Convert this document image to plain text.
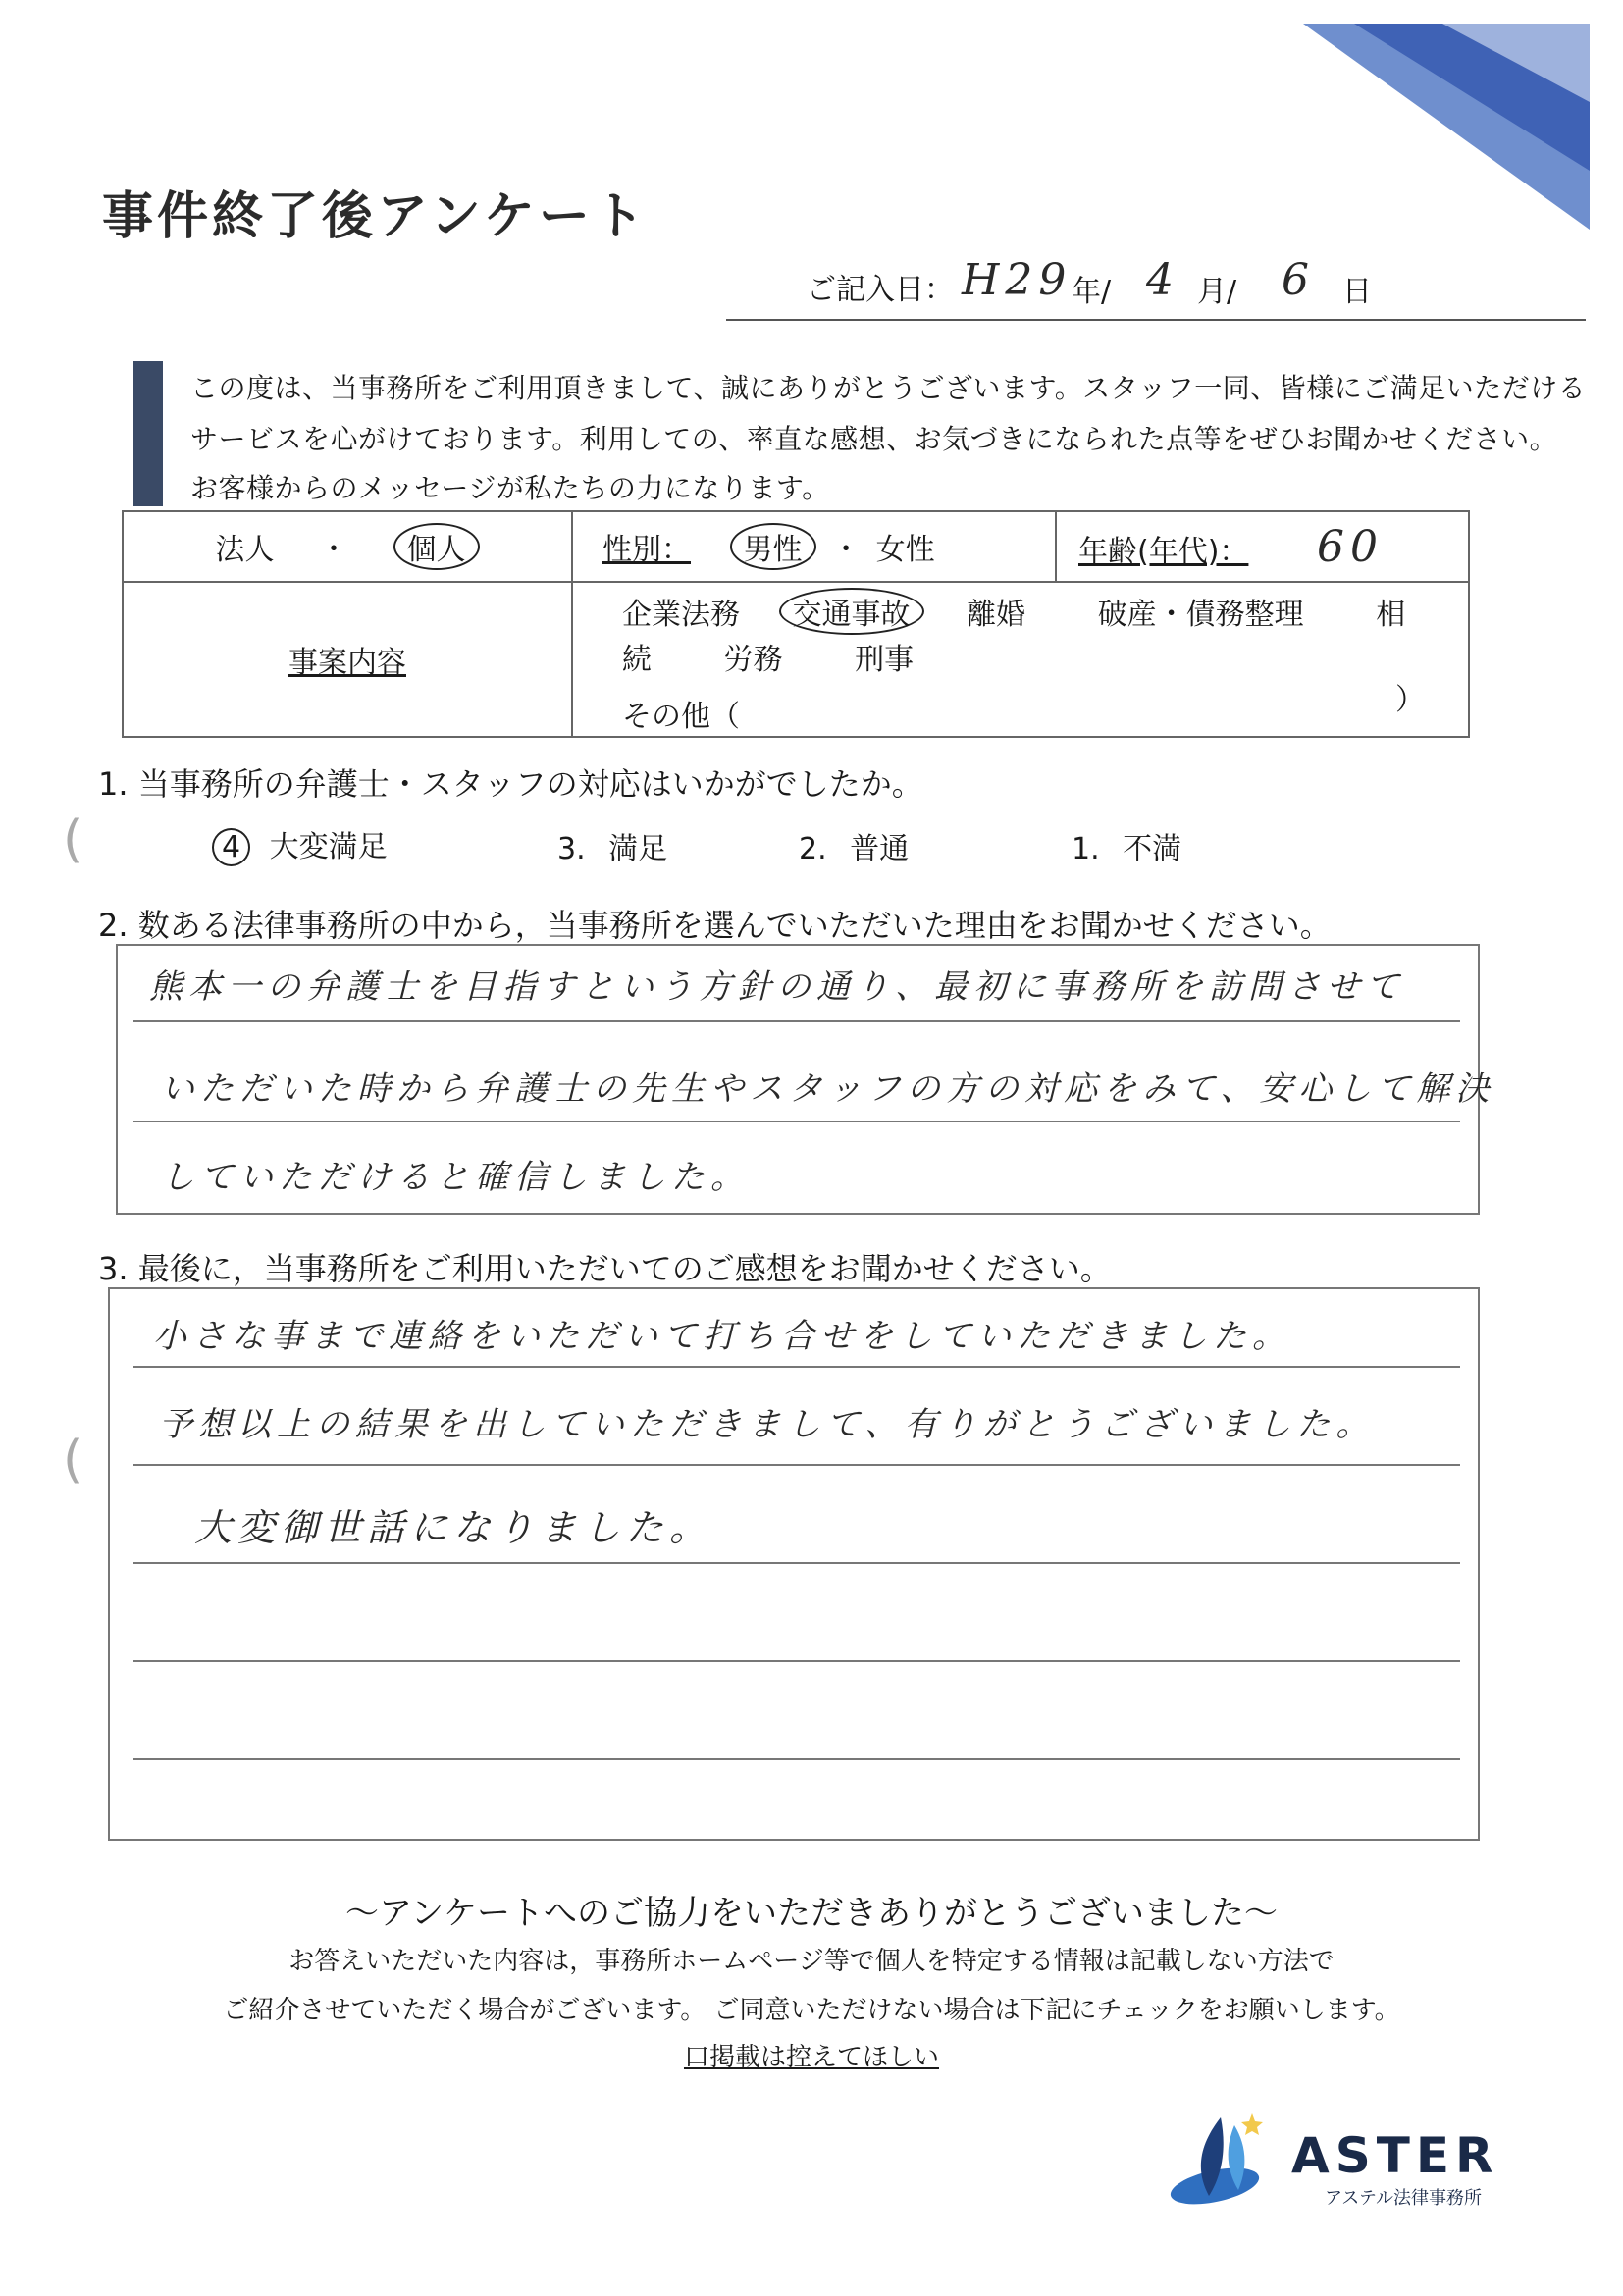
事件終了後アンケート
ご記入日： H29 年/ 4 月/ 6 日
この度は、当事務所をご利用頂きまして、誠にありがとうございます。スタッフ一同、皆様にご満足いただける
サービスを心がけております。利用しての、率直な感想、お気づきになられた点等をぜひお聞かせください。
お客様からのメッセージが私たちの力になります。
法人 ・ 個人	性別： 男性 ・ 女性	年齢(年代)： 60
事案内容	企業法務 交通事故 離婚 破産・債務整理 相続 労務 刑事
その他（ ）	
1. 当事務所の弁護士・スタッフの対応はいかがでしたか。
(	4 大変満足	3. 満足	2. 普通	1. 不満
2. 数ある法律事務所の中から，当事務所を選んでいただいた理由をお聞かせください。
熊本一の弁護士を目指すという方針の通り、最初に事務所を訪問させて
いただいた時から弁護士の先生やスタッフの方の対応をみて、安心して解決
していただけると確信しました。
3. 最後に，当事務所をご利用いただいてのご感想をお聞かせください。
小さな事まで連絡をいただいて打ち合せをしていただきました。
予想以上の結果を出していただきまして、有りがとうございました。
大変御世話になりました。
(
～アンケートへのご協力をいただきありがとうございました～
お答えいただいた内容は，事務所ホームページ等で個人を特定する情報は記載しない方法で
ご紹介させていただく場合がございます。 ご同意いただけない場合は下記にチェックをお願いします。
口掲載は控えてほしい
ASTER
アステル法律事務所
